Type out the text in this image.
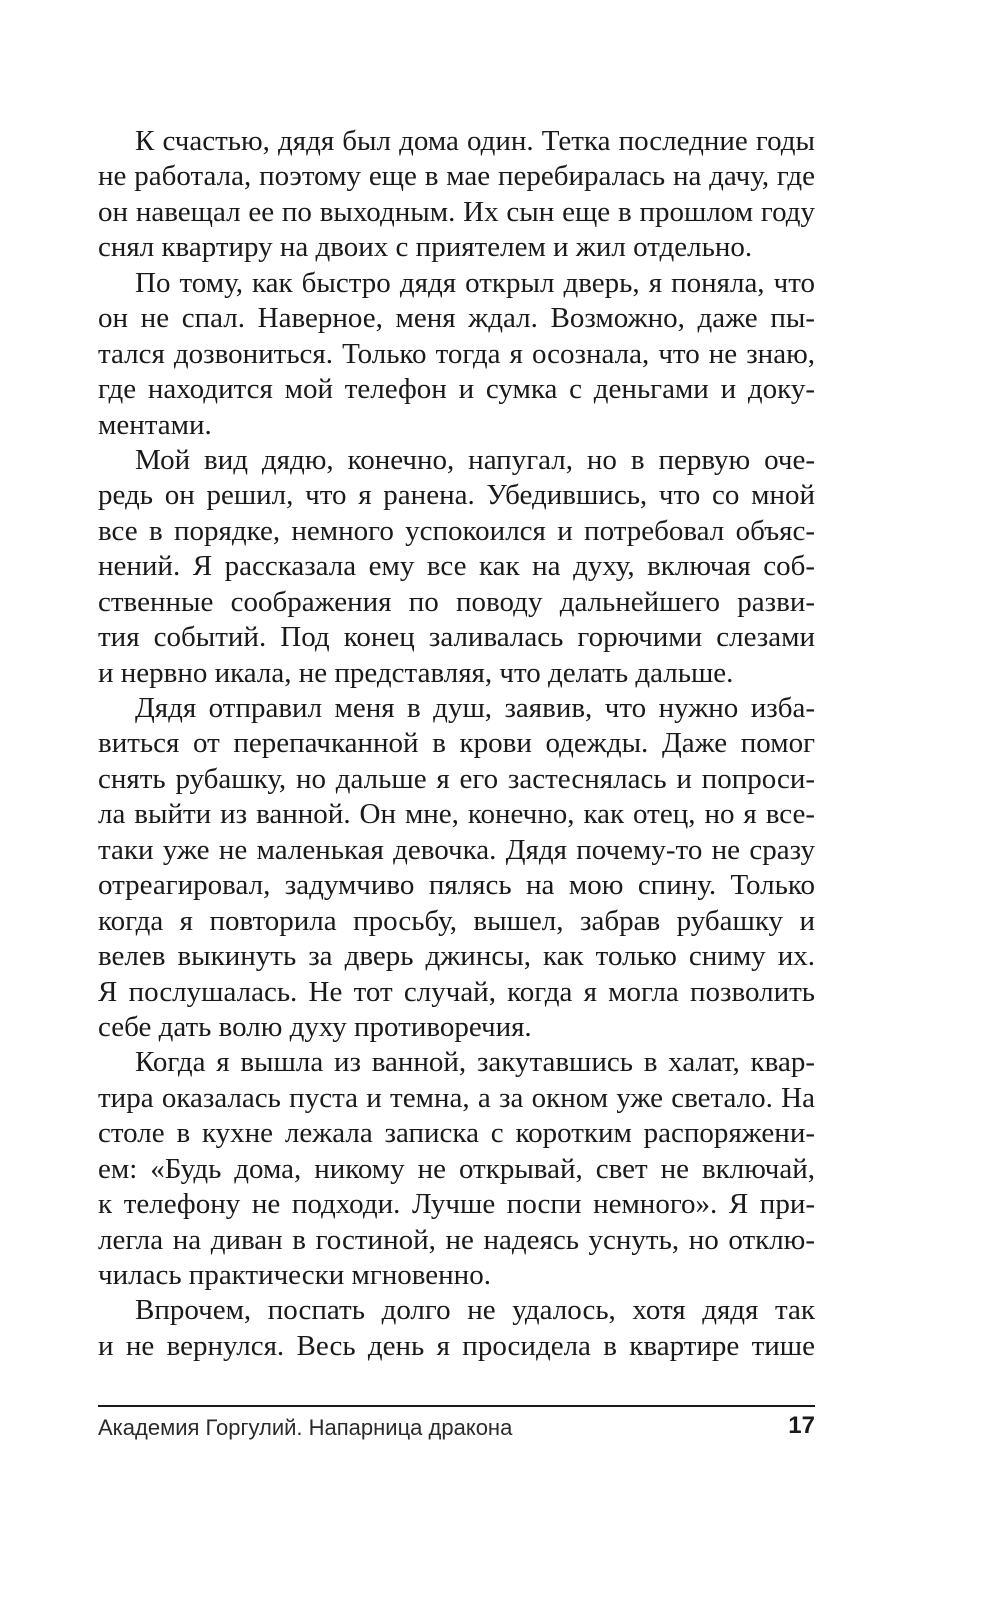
К счастью, дядя был дома один. Тетка последние годы
не работала, поэтому еще в мае перебиралась на дачу, где
он навещал ее по выходным. Их сын еще в прошлом году
снял квартиру на двоих с приятелем и жил отдельно.
По тому, как быстро дядя открыл дверь, я поняла, что
он не спал. Наверное, меня ждал. Возможно, даже пы-
тался дозвониться. Только тогда я осознала, что не знаю,
где находится мой телефон и сумка с деньгами и доку-
ментами.
Мой вид дядю, конечно, напугал, но в первую оче-
редь он решил, что я ранена. Убедившись, что со мной
все в порядке, немного успокоился и потребовал объяс-
нений. Я рассказала ему все как на духу, включая соб-
ственные соображения по поводу дальнейшего разви-
тия событий. Под конец заливалась горючими слезами
и нервно икала, не представляя, что делать дальше.
Дядя отправил меня в душ, заявив, что нужно изба-
виться от перепачканной в крови одежды. Даже помог
снять рубашку, но дальше я его застеснялась и попроси-
ла выйти из ванной. Он мне, конечно, как отец, но я все-
таки уже не маленькая девочка. Дядя почему-то не сразу
отреагировал, задумчиво пялясь на мою спину. Только
когда я повторила просьбу, вышел, забрав рубашку и
велев выкинуть за дверь джинсы, как только сниму их.
Я послушалась. Не тот случай, когда я могла позволить
себе дать волю духу противоречия.
Когда я вышла из ванной, закутавшись в халат, квар-
тира оказалась пуста и темна, а за окном уже светало. На
столе в кухне лежала записка с коротким распоряжени-
ем: «Будь дома, никому не открывай, свет не включай,
к телефону не подходи. Лучше поспи немного». Я при-
легла на диван в гостиной, не надеясь уснуть, но отклю-
чилась практически мгновенно.
Впрочем, поспать долго не удалось, хотя дядя так
и не вернулся. Весь день я просидела в квартире тише
Академия Горгулий. Напарница дракона	17
